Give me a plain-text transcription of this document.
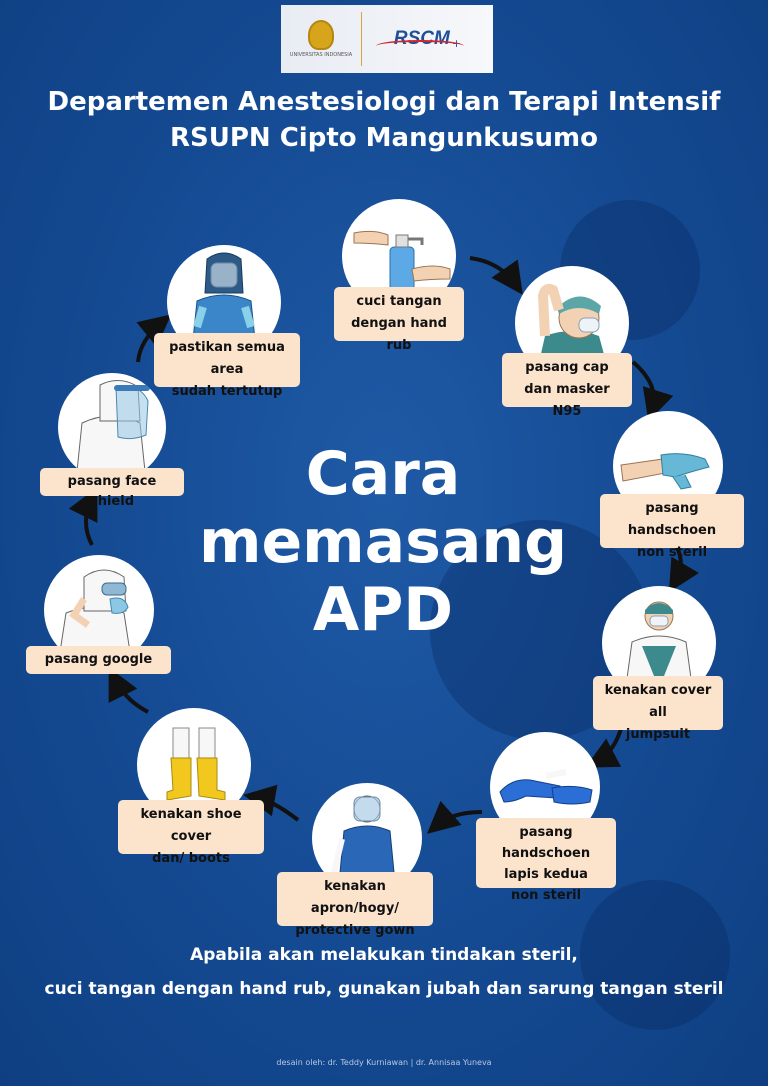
UNIVERSITAS INDONESIA
RSCM +
Departemen Anestesiologi dan Terapi Intensif
RSUPN Cipto Mangunkusumo
Cara
memasang
APD
cuci tangan
dengan hand rub
pasang cap
dan masker N95
pasang handschoen
non steril
kenakan cover all
jumpsuit
pasang handschoen
lapis kedua
non steril
kenakan apron/hogy/
protective gown
kenakan shoe cover
dan/ boots
pasang google
pasang face shield
pastikan semua area
sudah tertutup
Apabila akan melakukan tindakan steril,
cuci tangan dengan hand rub, gunakan jubah dan sarung tangan steril
desain oleh: dr. Teddy Kurniawan | dr. Annisaa Yuneva
